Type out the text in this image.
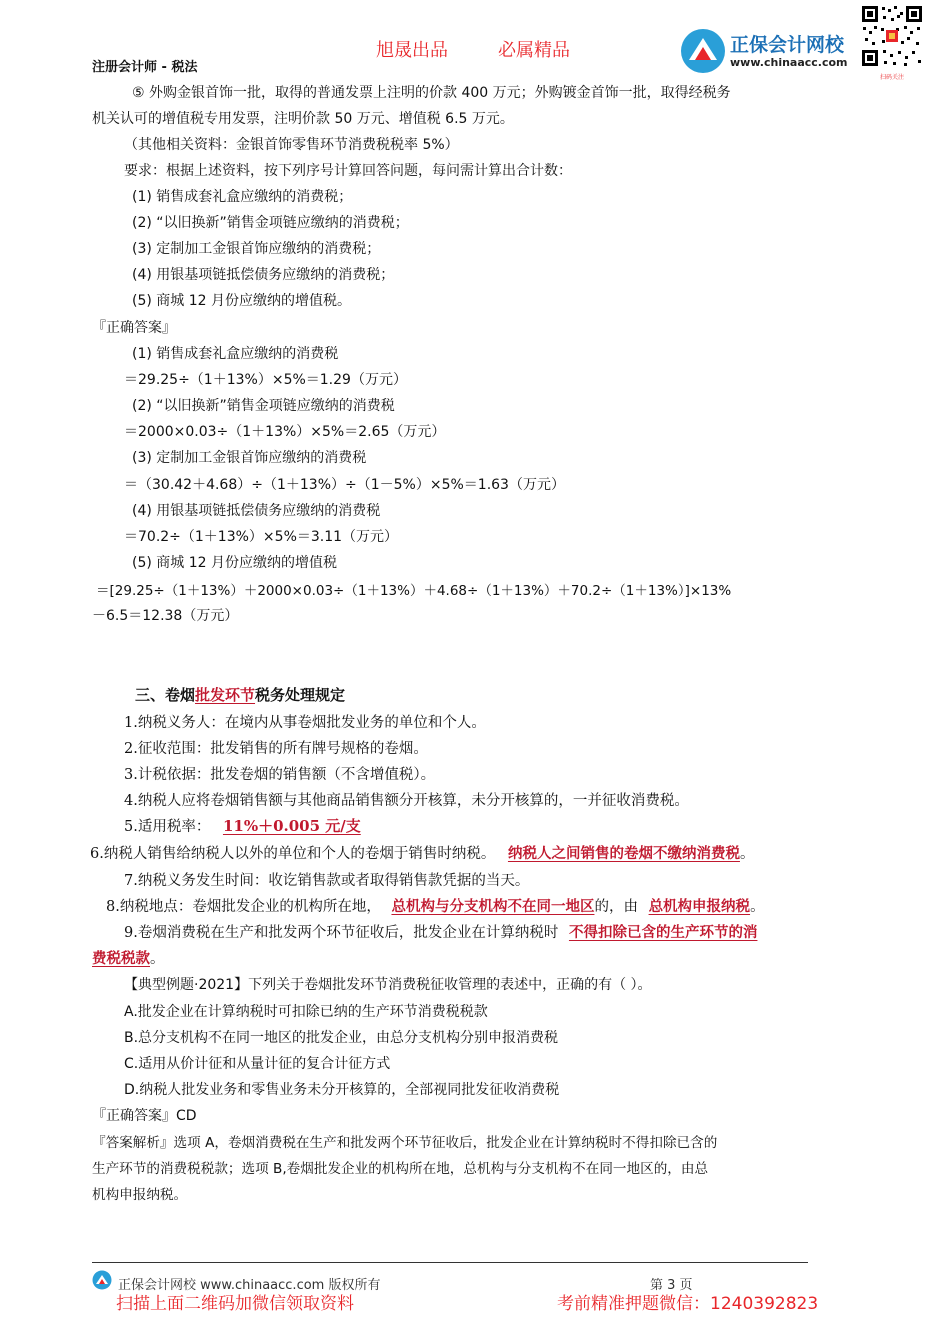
旭晟出品	必属精品
注册会计师 - 税法
正保会计网校
www.chinaacc.com
扫码关注
⑤ 外购金银首饰一批，取得的普通发票上注明的价款 400 万元；外购镀金首饰一批，取得经税务
机关认可的增值税专用发票，注明价款 50 万元、增值税 6.5 万元。
（其他相关资料：金银首饰零售环节消费税税率 5%）
要求：根据上述资料，按下列序号计算回答问题，每问需计算出合计数：
(1) 销售成套礼盒应缴纳的消费税；
(2) “以旧换新”销售金项链应缴纳的消费税；
(3) 定制加工金银首饰应缴纳的消费税；
(4) 用银基项链抵偿债务应缴纳的消费税；
(5) 商城 12 月份应缴纳的增值税。
『正确答案』
(1) 销售成套礼盒应缴纳的消费税
＝29.25÷（1＋13%）×5%＝1.29（万元）
(2) “以旧换新”销售金项链应缴纳的消费税
＝2000×0.03÷（1＋13%）×5%＝2.65（万元）
(3) 定制加工金银首饰应缴纳的消费税
＝（30.42＋4.68）÷（1＋13%）÷（1－5%）×5%＝1.63（万元）
(4) 用银基项链抵偿债务应缴纳的消费税
＝70.2÷（1＋13%）×5%＝3.11（万元）
(5) 商城 12 月份应缴纳的增值税
＝[29.25÷（1＋13%）＋2000×0.03÷（1＋13%）＋4.68÷（1＋13%）＋70.2÷（1＋13%）]×13%
－6.5＝12.38（万元）
三、卷烟批发环节税务处理规定
1.纳税义务人：在境内从事卷烟批发业务的单位和个人。
2.征收范围：批发销售的所有牌号规格的卷烟。
3.计税依据：批发卷烟的销售额（不含增值税）。
4.纳税人应将卷烟销售额与其他商品销售额分开核算，未分开核算的，一并征收消费税。
5.适用税率： 11%＋0.005 元/支
6.纳税人销售给纳税人以外的单位和个人的卷烟于销售时纳税。 纳税人之间销售的卷烟不缴纳消费税。
7.纳税义务发生时间：收讫销售款或者取得销售款凭据的当天。
8.纳税地点：卷烟批发企业的机构所在地， 总机构与分支机构不在同一地区的，由 总机构申报纳税。
9.卷烟消费税在生产和批发两个环节征收后，批发企业在计算纳税时 不得扣除已含的生产环节的消
费税税款。
【典型例题·2021】下列关于卷烟批发环节消费税征收管理的表述中，正确的有（ ）。
A.批发企业在计算纳税时可扣除已纳的生产环节消费税税款
B.总分支机构不在同一地区的批发企业，由总分支机构分别申报消费税
C.适用从价计征和从量计征的复合计征方式
D.纳税人批发业务和零售业务未分开核算的，全部视同批发征收消费税
『正确答案』CD
『答案解析』选项 A，卷烟消费税在生产和批发两个环节征收后，批发企业在计算纳税时不得扣除已含的
生产环节的消费税税款；选项 B,卷烟批发企业的机构所在地，总机构与分支机构不在同一地区的，由总
机构申报纳税。
正保会计网校 www.chinaacc.com 版权所有	第 3 页
扫描上面二维码加微信领取资料	考前精准押题微信：1240392823
